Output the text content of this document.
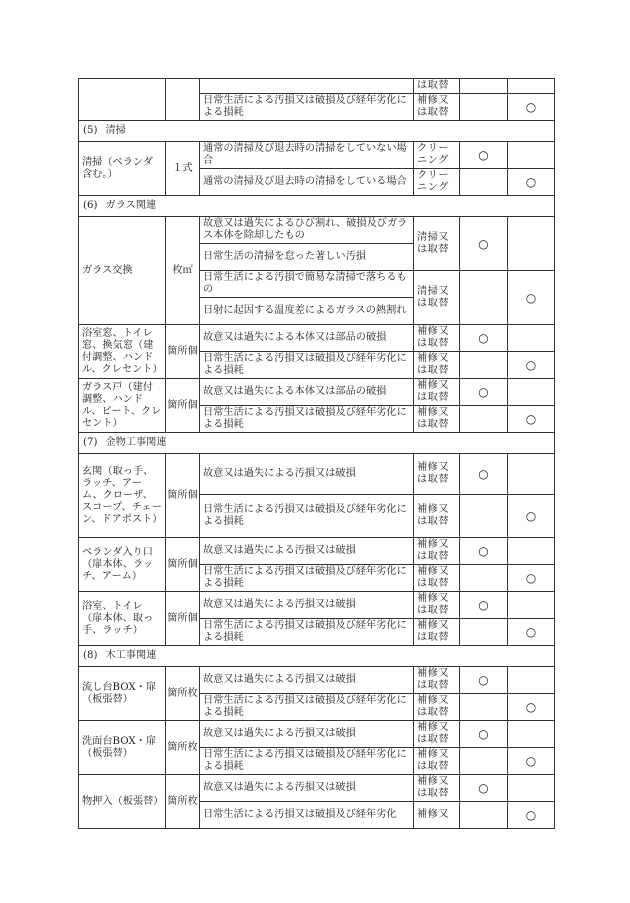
			は取替		
		日常生活による汚損又は破損及び経年劣化による損耗	補修又は取替		○
(5) 清掃					
清掃（ベランダ含む。）	１式	通常の清掃及び退去時の清掃をしていない場合	クリーニング	○	
		通常の清掃及び退去時の清掃をしている場合	クリーニング		○
(6) ガラス関連					
ガラス交換	枚㎡	故意又は過失によるひび割れ、破損及びガラス本体を除却したもの	清掃又は取替	○	
		日常生活の清掃を怠った著しい汚損			
		日常生活による汚損で簡易な清掃で落ちるもの	清掃又は取替		○
		日射に起因する温度差によるガラスの熱割れ			
浴室窓、トイレ窓、換気窓（建付調整、ハンドル、クレセント）	箇所個	故意又は過失による本体又は部品の破損	補修又は取替	○	
		日常生活による汚損又は破損及び経年劣化による損耗	補修又は取替		○
ガラス戸（建付調整、ハンドル、ビート、クレセント）	箇所個	故意又は過失による本体又は部品の破損	補修又は取替	○	
		日常生活による汚損又は破損及び経年劣化による損耗	補修又は取替		○
(7) 金物工事関連					
玄関（取っ手、ラッチ、アーム、クローザ、スコープ、チェーン、ドアポスト）	箇所個	故意又は過失による汚損又は破損	補修又は取替	○	
		日常生活による汚損又は破損及び経年劣化による損耗	補修又は取替		○
ベランダ入り口（扉本体、ラッチ、アーム）	箇所個	故意又は過失による汚損又は破損	補修又は取替	○	
		日常生活による汚損又は破損及び経年劣化による損耗	補修又は取替		○
浴室、トイレ（扉本体、取っ手、ラッチ）	箇所個	故意又は過失による汚損又は破損	補修又は取替	○	
		日常生活による汚損又は破損及び経年劣化による損耗	補修又は取替		○
(8) 木工事関連					
流し台BOX・扉（板張替）	箇所枚	故意又は過失による汚損又は破損	補修又は取替	○	
		日常生活による汚損又は破損及び経年劣化による損耗	補修又は取替		○
洗面台BOX・扉（板張替）	箇所枚	故意又は過失による汚損又は破損	補修又は取替	○	
		日常生活による汚損又は破損及び経年劣化による損耗	補修又は取替		○
物押入（板張替）	箇所枚	故意又は過失による汚損又は破損	補修又は取替	○	
		日常生活による汚損又は破損及び経年劣化	補修又		○
